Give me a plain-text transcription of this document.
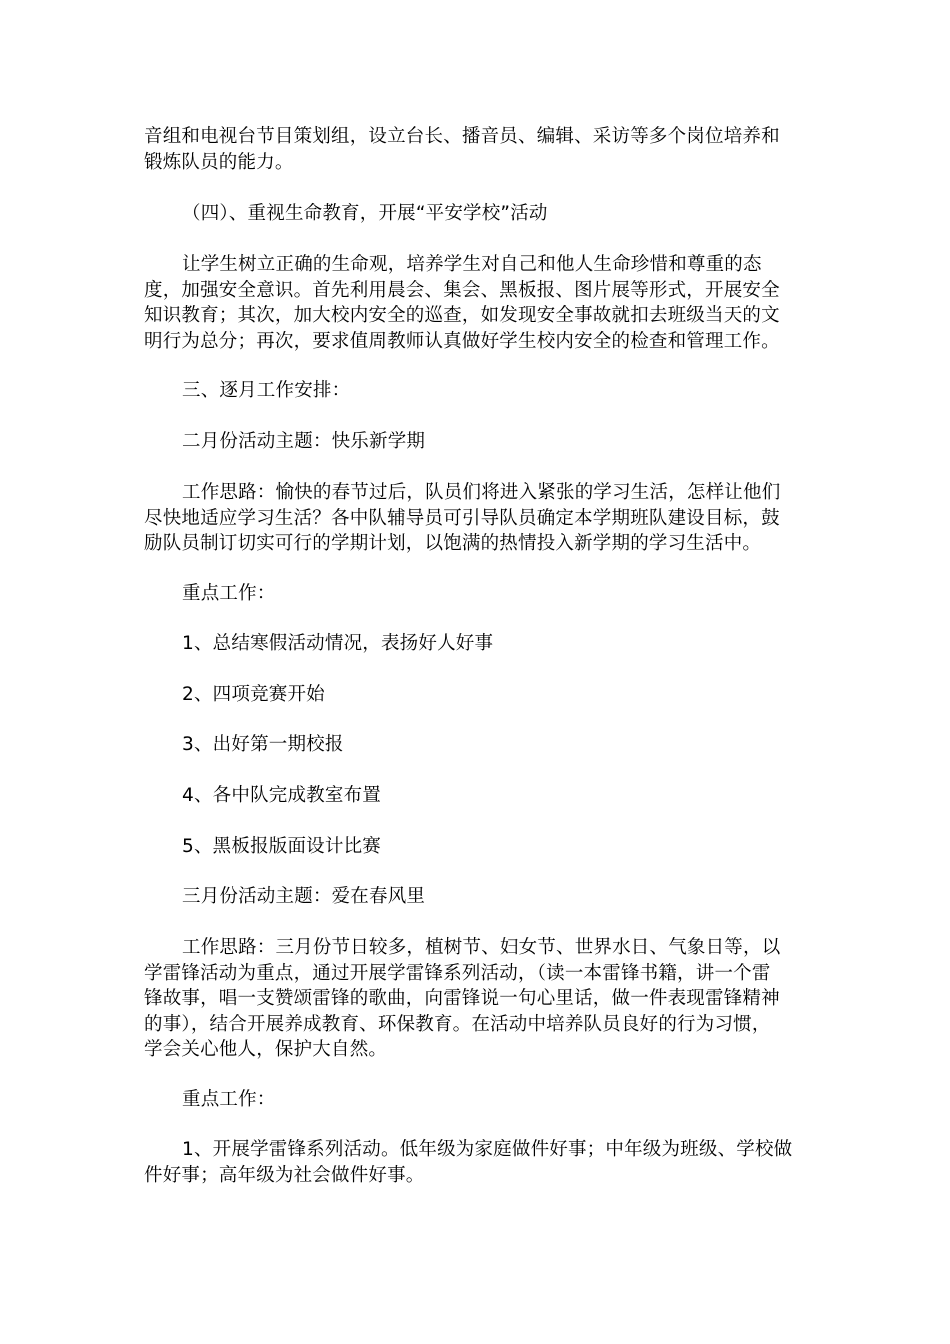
音组和电视台节目策划组，设立台长、播音员、编辑、采访等多个岗位培养和
锻炼队员的能力。
（四）、重视生命教育，开展“平安学校”活动
让学生树立正确的生命观，培养学生对自己和他人生命珍惜和尊重的态
度，加强安全意识。首先利用晨会、集会、黑板报、图片展等形式，开展安全
知识教育；其次，加大校内安全的巡查，如发现安全事故就扣去班级当天的文
明行为总分；再次，要求值周教师认真做好学生校内安全的检查和管理工作。
三、逐月工作安排：
二月份活动主题：快乐新学期
工作思路：愉快的春节过后，队员们将进入紧张的学习生活，怎样让他们
尽快地适应学习生活？各中队辅导员可引导队员确定本学期班队建设目标，鼓
励队员制订切实可行的学期计划，以饱满的热情投入新学期的学习生活中。
重点工作：
1、总结寒假活动情况，表扬好人好事
2、四项竞赛开始
3、出好第一期校报
4、各中队完成教室布置
5、黑板报版面设计比赛
三月份活动主题：爱在春风里
工作思路：三月份节日较多，植树节、妇女节、世界水日、气象日等，以
学雷锋活动为重点，通过开展学雷锋系列活动，（读一本雷锋书籍，讲一个雷
锋故事，唱一支赞颂雷锋的歌曲，向雷锋说一句心里话，做一件表现雷锋精神
的事），结合开展养成教育、环保教育。在活动中培养队员良好的行为习惯，
学会关心他人，保护大自然。
重点工作：
1、开展学雷锋系列活动。低年级为家庭做件好事；中年级为班级、学校做
件好事；高年级为社会做件好事。
